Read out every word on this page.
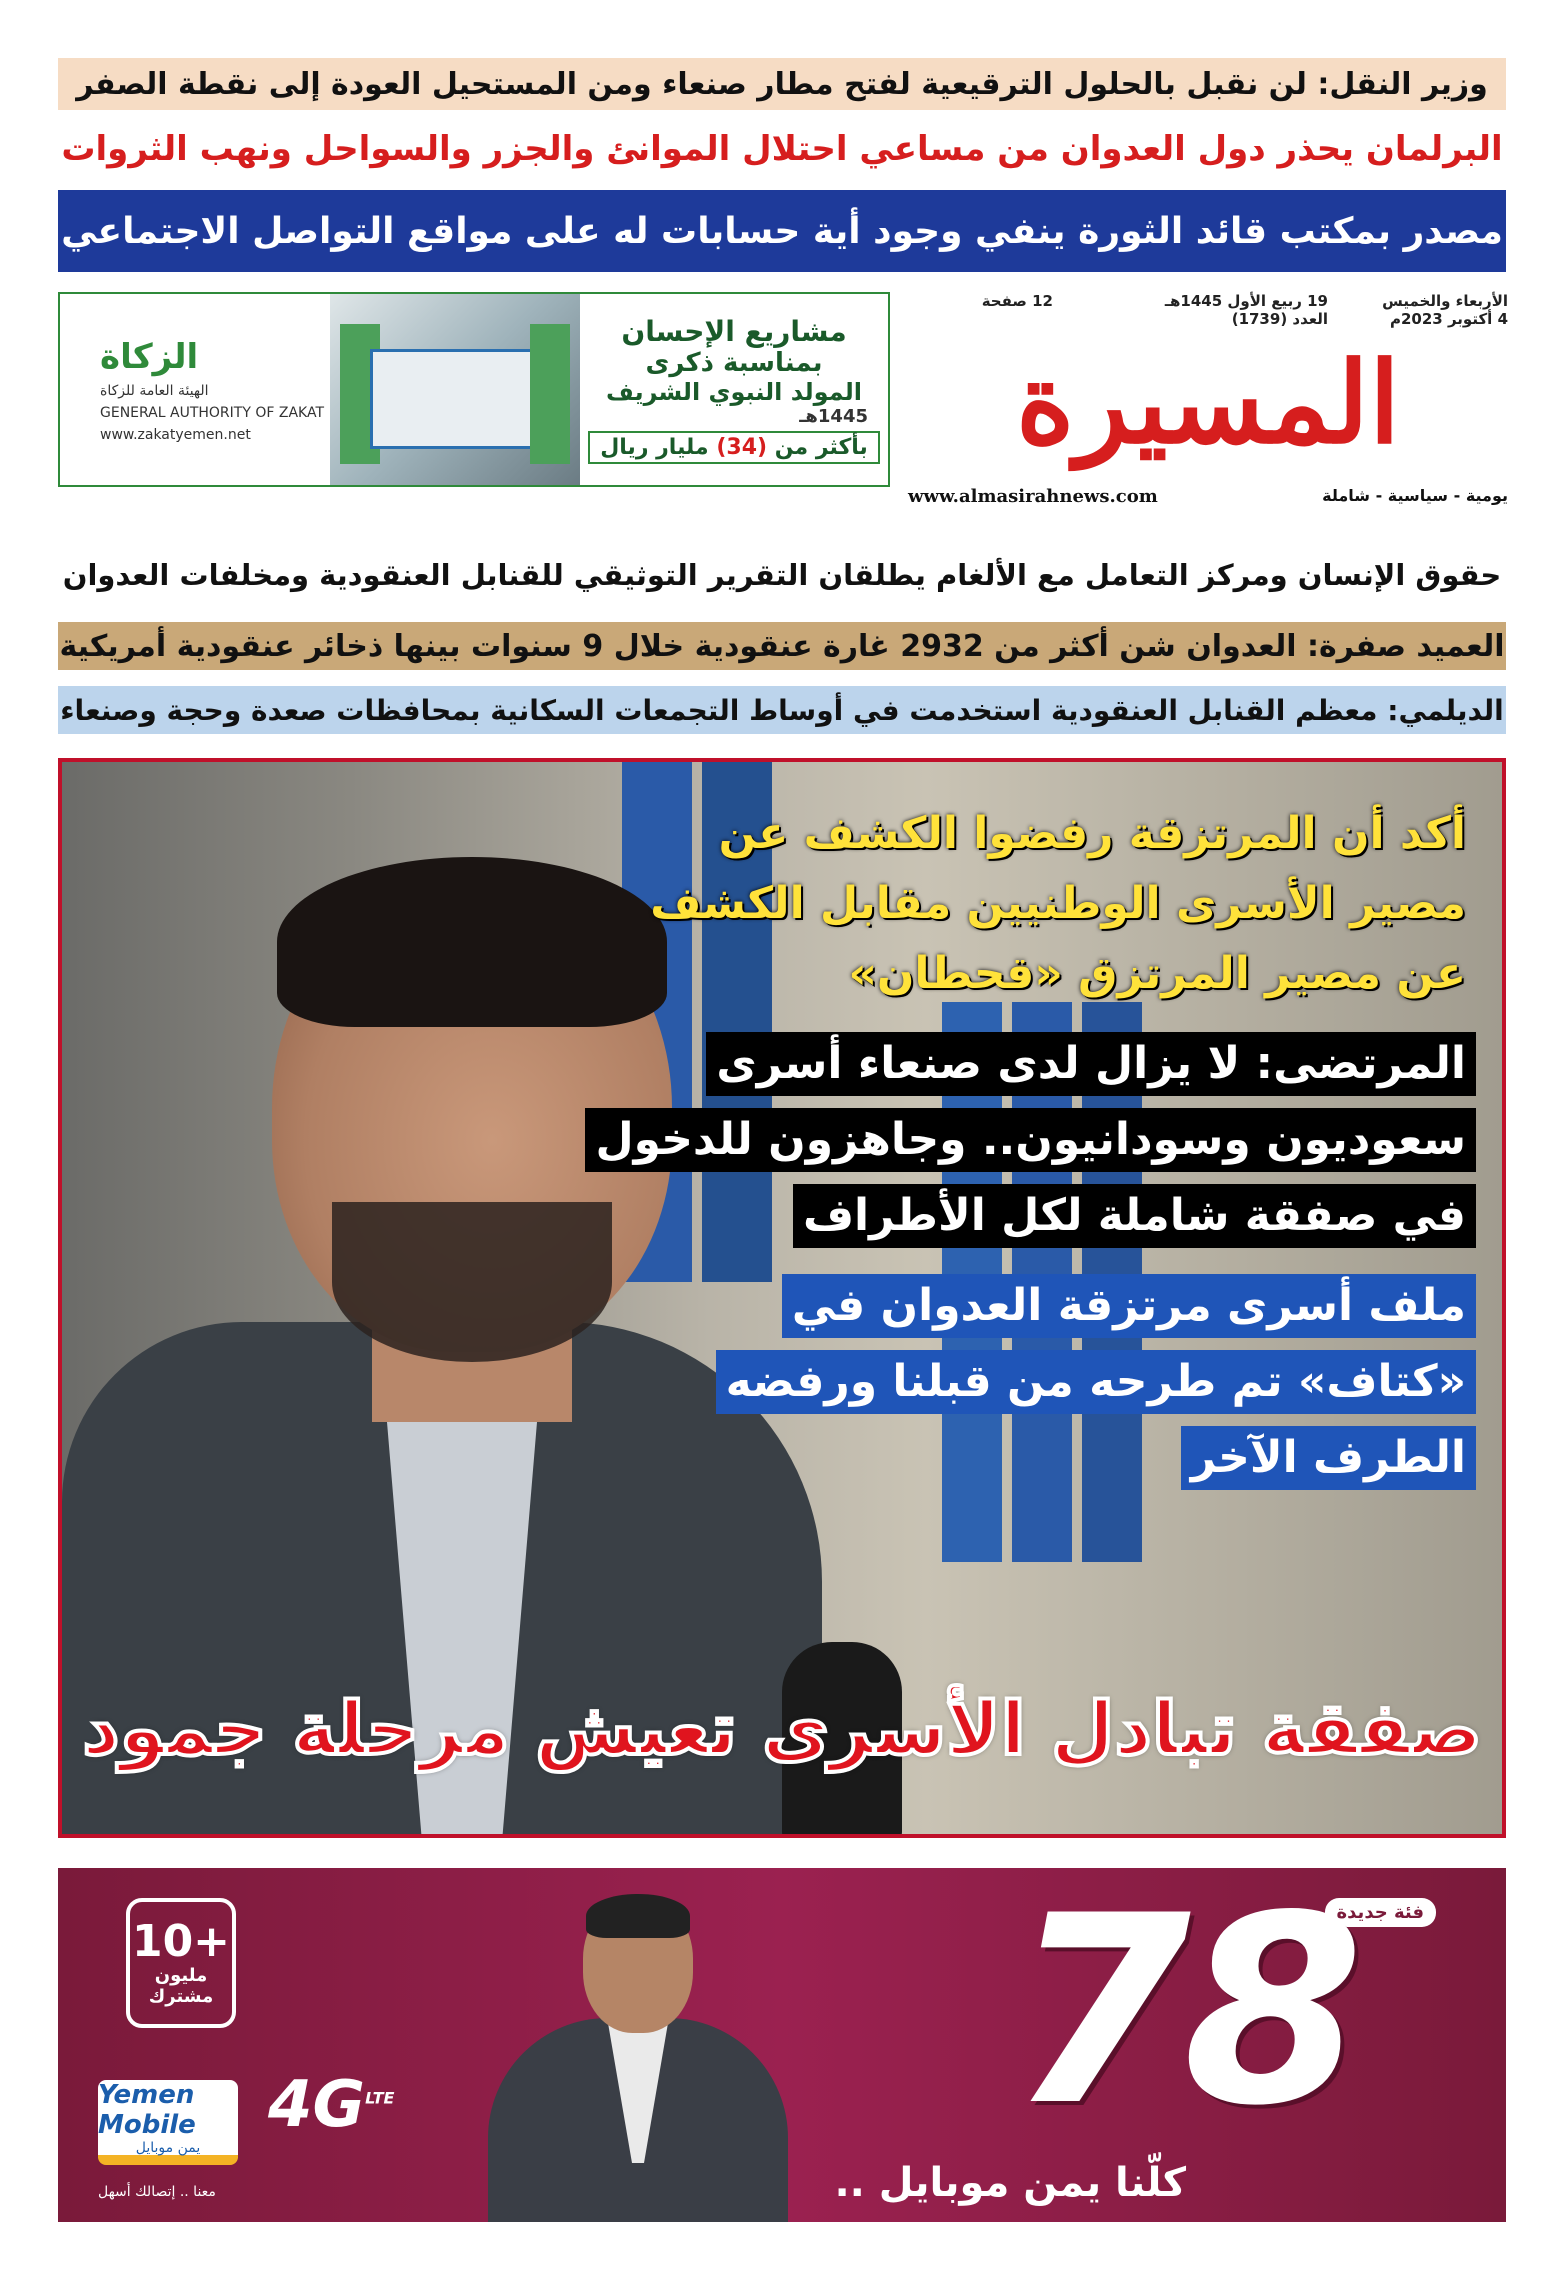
وزير النقل: لن نقبل بالحلول الترقيعية لفتح مطار صنعاء ومن المستحيل العودة إلى نقطة الصفر
البرلمان يحذر دول العدوان من مساعي احتلال الموانئ والجزر والسواحل ونهب الثروات
مصدر بمكتب قائد الثورة ينفي وجود أية حسابات له على مواقع التواصل الاجتماعي
الزكاة
الهيئة العامة للزكاة
GENERAL AUTHORITY OF ZAKAT
www.zakatyemen.net
مشاريع الإحسان
بمناسبة ذكرى
المولد النبوي الشريف
1445هـ
بأكثر من (34) مليار ريال
الأربعاء والخميس
4 أكتوبر 2023م
19 ربيع الأول 1445هـ
العدد (1739)
12 صفحة
المسيرة
www.almasirahnews.com	يومية - سياسية - شاملة
حقوق الإنسان ومركز التعامل مع الألغام يطلقان التقرير التوثيقي للقنابل العنقودية ومخلفات العدوان
العميد صفرة: العدوان شن أكثر من 2932 غارة عنقودية خلال 9 سنوات بينها ذخائر عنقودية أمريكية
الديلمي: معظم القنابل العنقودية استخدمت في أوساط التجمعات السكانية بمحافظات صعدة وحجة وصنعاء
أكد أن المرتزقة رفضوا الكشف عن
مصير الأسرى الوطنيين مقابل الكشف
عن مصير المرتزق «قحطان»
المرتضى: لا يزال لدى صنعاء أسرى
سعوديون وسودانيون.. وجاهزون للدخول
في صفقة شاملة لكل الأطراف
ملف أسرى مرتزقة العدوان في
«كتاف» تم طرحه من قبلنا ورفضه
الطرف الآخر
صفقة تبادل الأسرى تعيش مرحلة جمود
فئة جديدة
78
كلّنا يمن موبايل ..
10+
مليون
مشترك
$4G^{LTE}$
Yemen Mobile
يمن موبايل
معنا .. إتصالك أسهل
